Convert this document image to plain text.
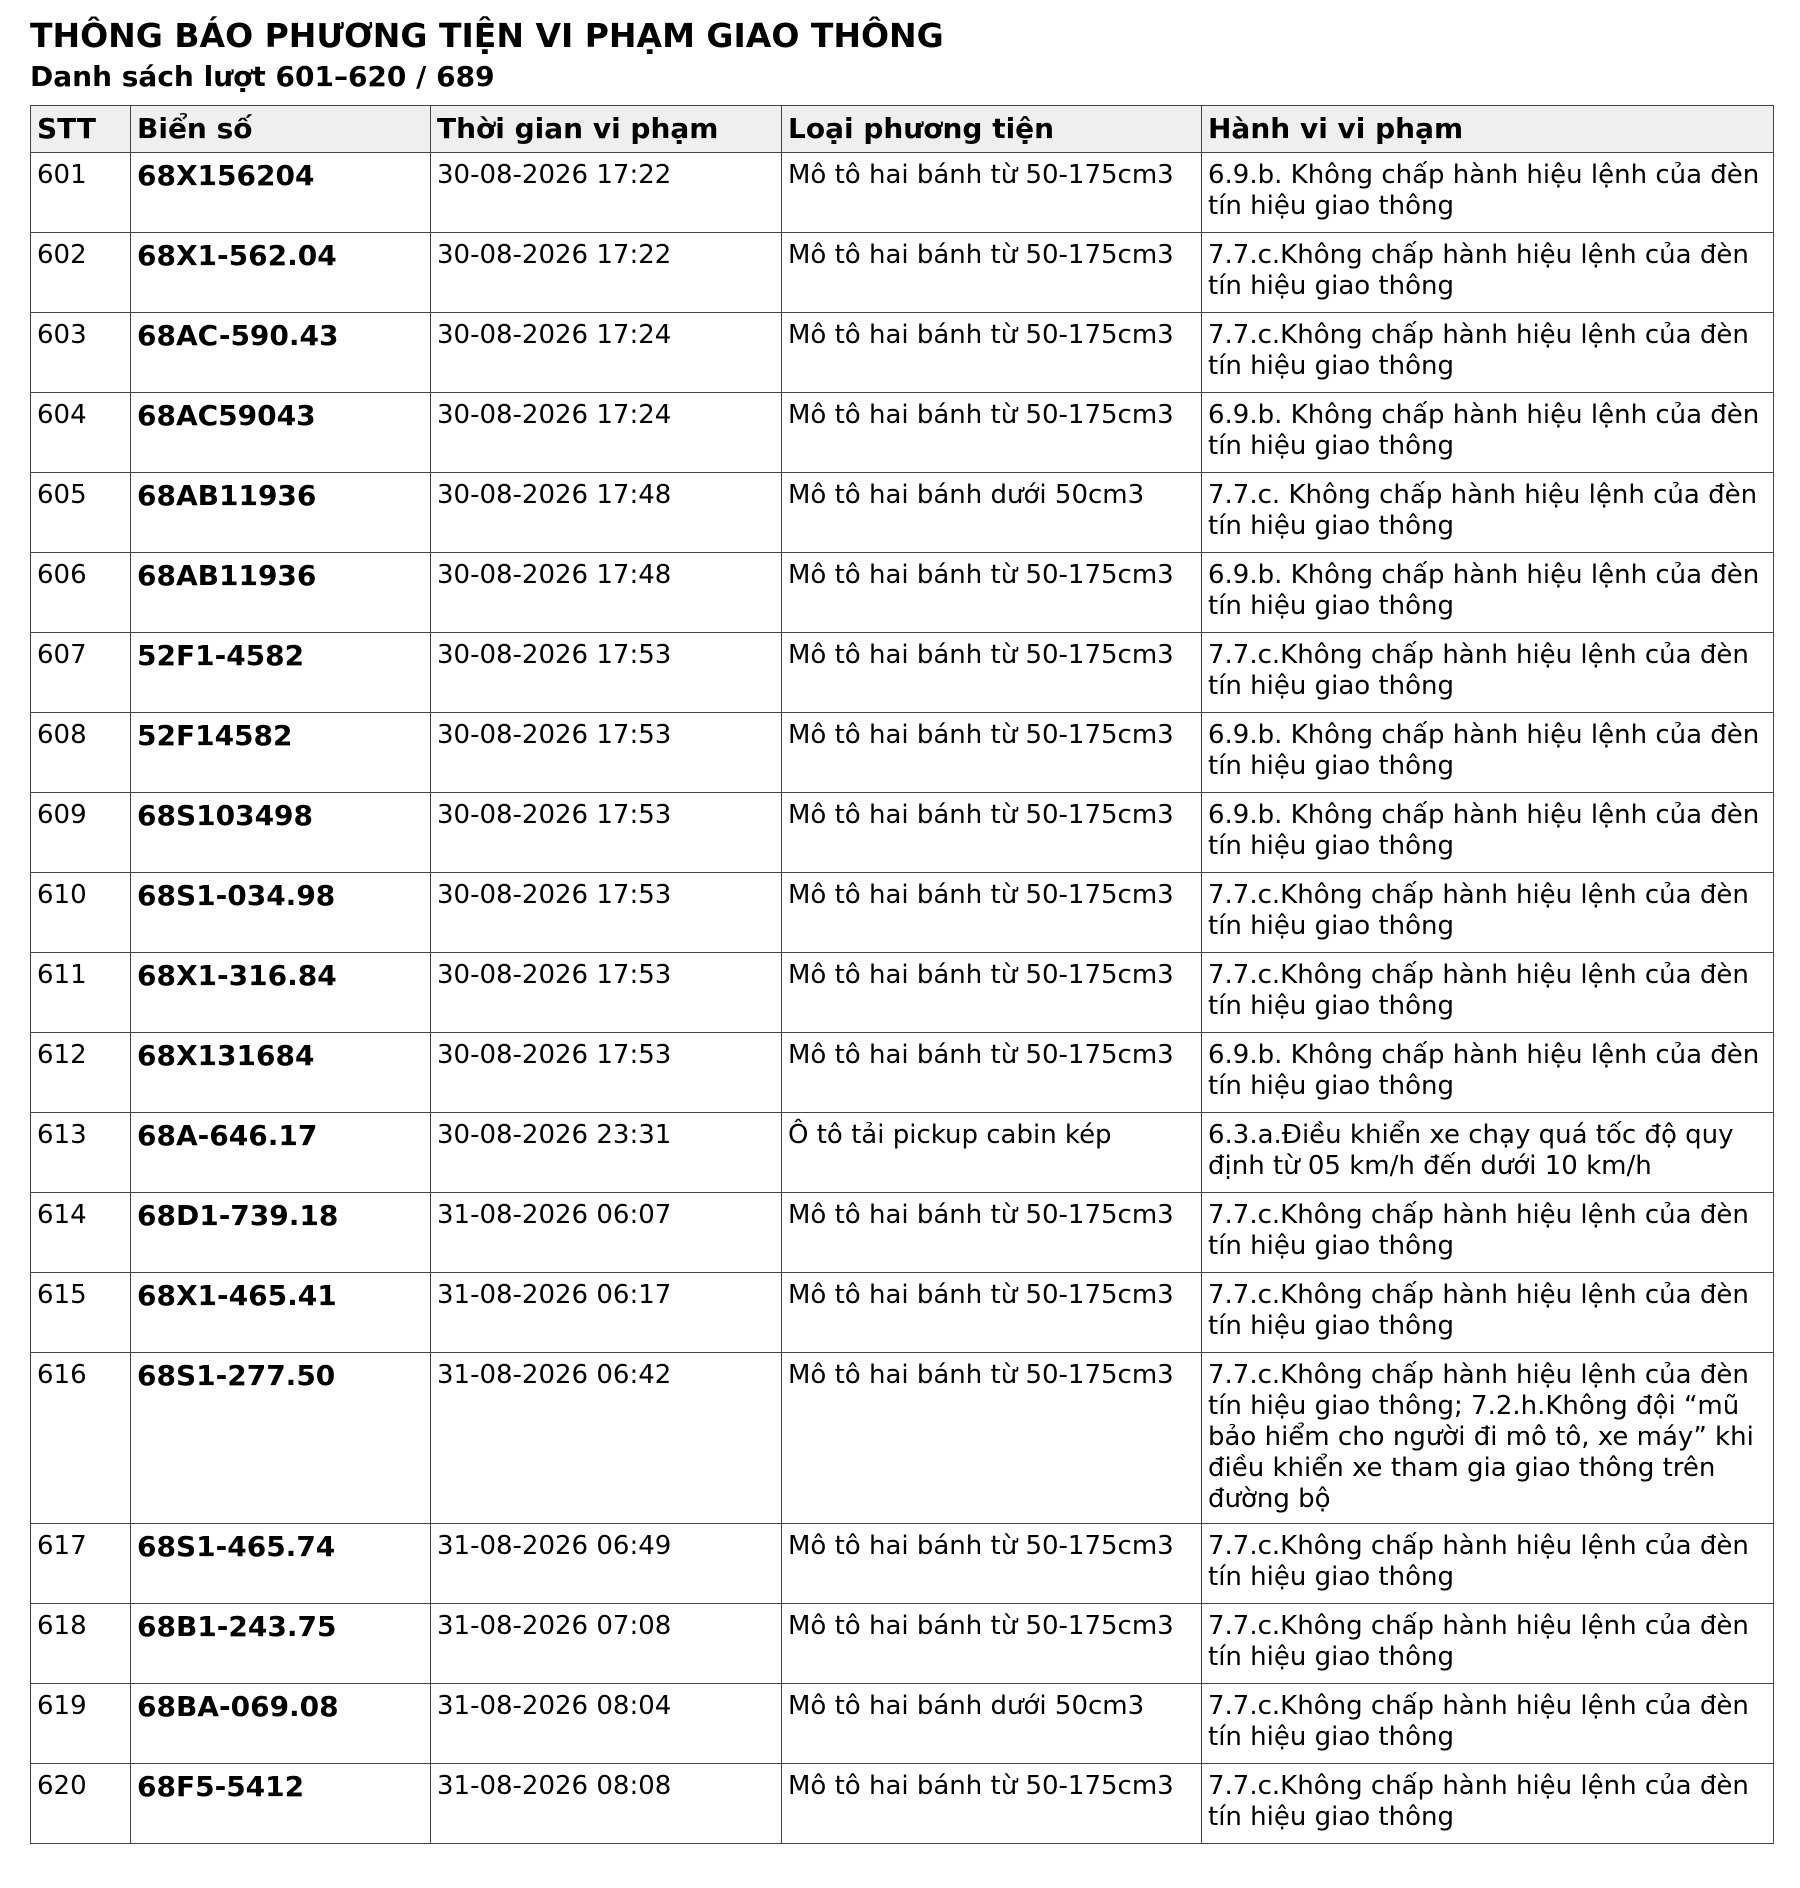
THÔNG BÁO PHƯƠNG TIỆN VI PHẠM GIAO THÔNG
Danh sách lượt 601–620 / 689
STT	Biển số	Thời gian vi phạm	Loại phương tiện	Hành vi vi phạm
601	68X156204	30-08-2026 17:22	Mô tô hai bánh từ 50-175cm3	6.9.b. Không chấp hành hiệu lệnh của đèn tín hiệu giao thông
602	68X1-562.04	30-08-2026 17:22	Mô tô hai bánh từ 50-175cm3	7.7.c.Không chấp hành hiệu lệnh của đèn tín hiệu giao thông
603	68AC-590.43	30-08-2026 17:24	Mô tô hai bánh từ 50-175cm3	7.7.c.Không chấp hành hiệu lệnh của đèn tín hiệu giao thông
604	68AC59043	30-08-2026 17:24	Mô tô hai bánh từ 50-175cm3	6.9.b. Không chấp hành hiệu lệnh của đèn tín hiệu giao thông
605	68AB11936	30-08-2026 17:48	Mô tô hai bánh dưới 50cm3	7.7.c. Không chấp hành hiệu lệnh của đèn tín hiệu giao thông
606	68AB11936	30-08-2026 17:48	Mô tô hai bánh từ 50-175cm3	6.9.b. Không chấp hành hiệu lệnh của đèn tín hiệu giao thông
607	52F1-4582	30-08-2026 17:53	Mô tô hai bánh từ 50-175cm3	7.7.c.Không chấp hành hiệu lệnh của đèn tín hiệu giao thông
608	52F14582	30-08-2026 17:53	Mô tô hai bánh từ 50-175cm3	6.9.b. Không chấp hành hiệu lệnh của đèn tín hiệu giao thông
609	68S103498	30-08-2026 17:53	Mô tô hai bánh từ 50-175cm3	6.9.b. Không chấp hành hiệu lệnh của đèn tín hiệu giao thông
610	68S1-034.98	30-08-2026 17:53	Mô tô hai bánh từ 50-175cm3	7.7.c.Không chấp hành hiệu lệnh của đèn tín hiệu giao thông
611	68X1-316.84	30-08-2026 17:53	Mô tô hai bánh từ 50-175cm3	7.7.c.Không chấp hành hiệu lệnh của đèn tín hiệu giao thông
612	68X131684	30-08-2026 17:53	Mô tô hai bánh từ 50-175cm3	6.9.b. Không chấp hành hiệu lệnh của đèn tín hiệu giao thông
613	68A-646.17	30-08-2026 23:31	Ô tô tải pickup cabin kép	6.3.a.Điều khiển xe chạy quá tốc độ quy định từ 05 km/h đến dưới 10 km/h
614	68D1-739.18	31-08-2026 06:07	Mô tô hai bánh từ 50-175cm3	7.7.c.Không chấp hành hiệu lệnh của đèn tín hiệu giao thông
615	68X1-465.41	31-08-2026 06:17	Mô tô hai bánh từ 50-175cm3	7.7.c.Không chấp hành hiệu lệnh của đèn tín hiệu giao thông
616	68S1-277.50	31-08-2026 06:42	Mô tô hai bánh từ 50-175cm3	7.7.c.Không chấp hành hiệu lệnh của đèn tín hiệu giao thông; 7.2.h.Không đội “mũ bảo hiểm cho người đi mô tô, xe máy” khi điều khiển xe tham gia giao thông trên đường bộ
617	68S1-465.74	31-08-2026 06:49	Mô tô hai bánh từ 50-175cm3	7.7.c.Không chấp hành hiệu lệnh của đèn tín hiệu giao thông
618	68B1-243.75	31-08-2026 07:08	Mô tô hai bánh từ 50-175cm3	7.7.c.Không chấp hành hiệu lệnh của đèn tín hiệu giao thông
619	68BA-069.08	31-08-2026 08:04	Mô tô hai bánh dưới 50cm3	7.7.c.Không chấp hành hiệu lệnh của đèn tín hiệu giao thông
620	68F5-5412	31-08-2026 08:08	Mô tô hai bánh từ 50-175cm3	7.7.c.Không chấp hành hiệu lệnh của đèn tín hiệu giao thông
